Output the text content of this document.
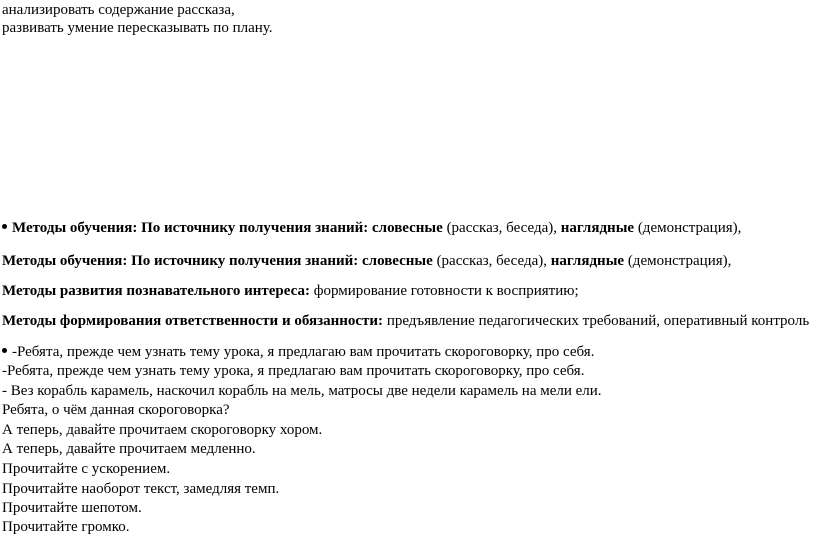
анализировать содержание рассказа,
развивать умение пересказывать по плану.
Методы обучения: По источнику получения знаний: словесные (рассказ, беседа), наглядные (демонстрация),
Методы обучения: По источнику получения знаний: словесные (рассказ, беседа), наглядные (демонстрация),
Методы развития познавательного интереса: формирование готовности к восприятию;
Методы формирования ответственности и обязанности: предъявление педагогических требований, оперативный контроль
-Ребята, прежде чем узнать тему урока, я предлагаю вам прочитать скороговорку, про себя.
-Ребята, прежде чем узнать тему урока, я предлагаю вам прочитать скороговорку, про себя.
- Вез корабль карамель, наскочил корабль на мель, матросы две недели карамель на мели ели.
Ребята, о чём данная скороговорка?
А теперь, давайте прочитаем скороговорку хором.
А теперь, давайте прочитаем медленно.
Прочитайте с ускорением.
Прочитайте наоборот текст, замедляя темп.
Прочитайте шепотом.
Прочитайте громко.
